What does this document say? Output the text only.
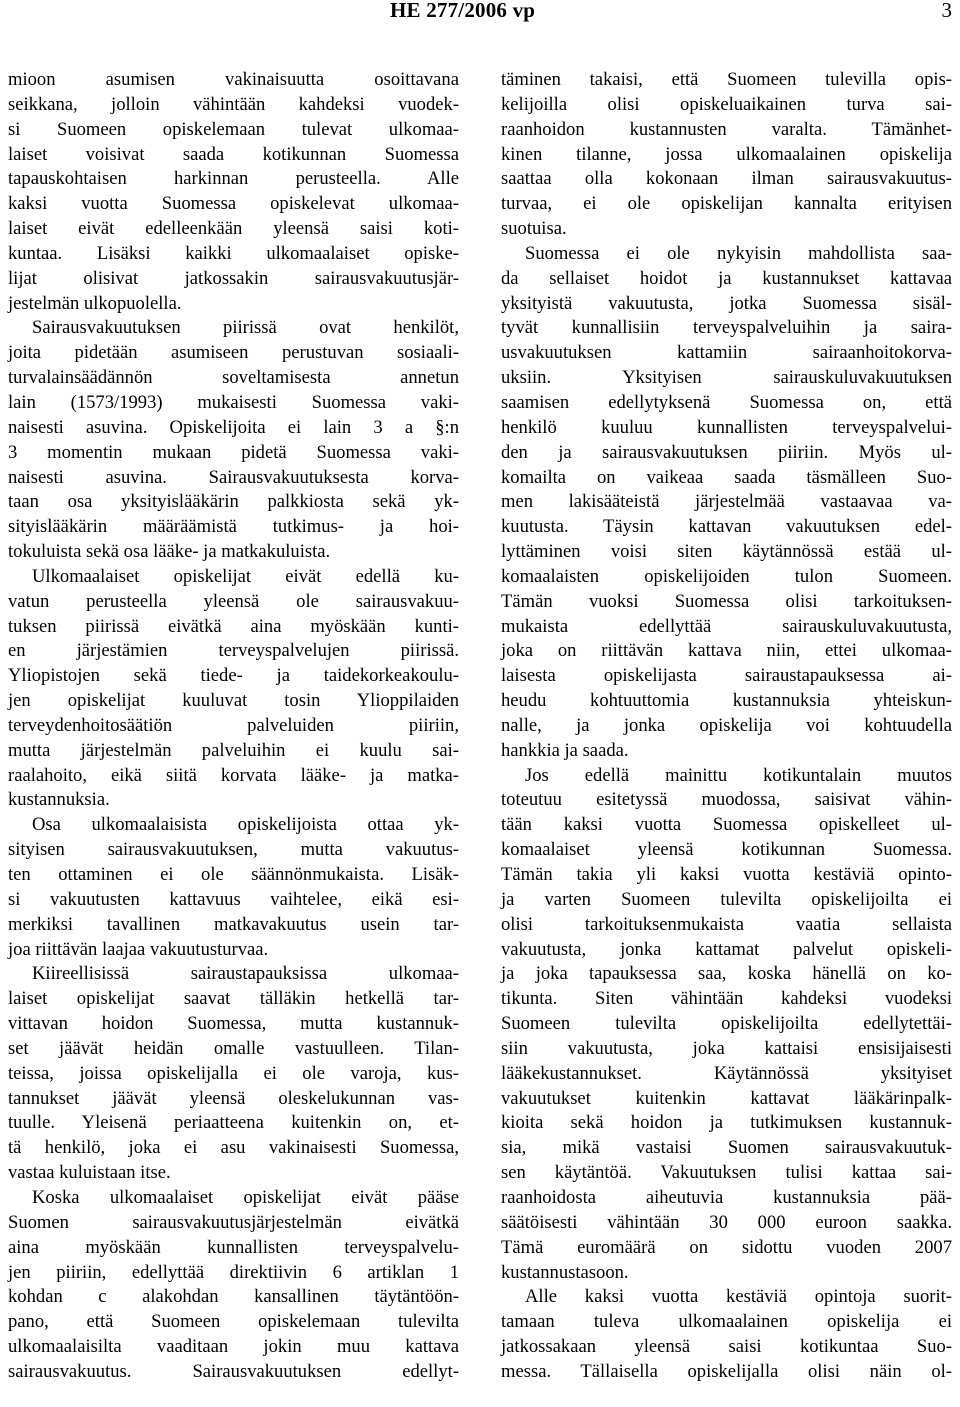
HE 277/2006 vp	3
mioon asumisen vakinaisuutta osoittavana
seikkana, jolloin vähintään kahdeksi vuodek-
si Suomeen opiskelemaan tulevat ulkomaa-
laiset voisivat saada kotikunnan Suomessa
tapauskohtaisen harkinnan perusteella. Alle
kaksi vuotta Suomessa opiskelevat ulkomaa-
laiset eivät edelleenkään yleensä saisi koti-
kuntaa. Lisäksi kaikki ulkomaalaiset opiske-
lijat olisivat jatkossakin sairausvakuutusjär-
jestelmän ulkopuolella.
Sairausvakuutuksen piirissä ovat henkilöt,
joita pidetään asumiseen perustuvan sosiaali-
turvalainsäädännön soveltamisesta annetun
lain (1573/1993) mukaisesti Suomessa vaki-
naisesti asuvina. Opiskelijoita ei lain 3 a §:n
3 momentin mukaan pidetä Suomessa vaki-
naisesti asuvina. Sairausvakuutuksesta korva-
taan osa yksityislääkärin palkkiosta sekä yk-
sityislääkärin määräämistä tutkimus- ja hoi-
tokuluista sekä osa lääke- ja matkakuluista.
Ulkomaalaiset opiskelijat eivät edellä ku-
vatun perusteella yleensä ole sairausvakuu-
tuksen piirissä eivätkä aina myöskään kunti-
en järjestämien terveyspalvelujen piirissä.
Yliopistojen sekä tiede- ja taidekorkeakoulu-
jen opiskelijat kuuluvat tosin Ylioppilaiden
terveydenhoitosäätiön palveluiden piiriin,
mutta järjestelmän palveluihin ei kuulu sai-
raalahoito, eikä siitä korvata lääke- ja matka-
kustannuksia.
Osa ulkomaalaisista opiskelijoista ottaa yk-
sityisen sairausvakuutuksen, mutta vakuutus-
ten ottaminen ei ole säännönmukaista. Lisäk-
si vakuutusten kattavuus vaihtelee, eikä esi-
merkiksi tavallinen matkavakuutus usein tar-
joa riittävän laajaa vakuutusturvaa.
Kiireellisissä sairaustapauksissa ulkomaa-
laiset opiskelijat saavat tälläkin hetkellä tar-
vittavan hoidon Suomessa, mutta kustannuk-
set jäävät heidän omalle vastuulleen. Tilan-
teissa, joissa opiskelijalla ei ole varoja, kus-
tannukset jäävät yleensä oleskelukunnan vas-
tuulle. Yleisenä periaatteena kuitenkin on, et-
tä henkilö, joka ei asu vakinaisesti Suomessa,
vastaa kuluistaan itse.
Koska ulkomaalaiset opiskelijat eivät pääse
Suomen sairausvakuutusjärjestelmän eivätkä
aina myöskään kunnallisten terveyspalvelu-
jen piiriin, edellyttää direktiivin 6 artiklan 1
kohdan c alakohdan kansallinen täytäntöön-
pano, että Suomeen opiskelemaan tulevilta
ulkomaalaisilta vaaditaan jokin muu kattava
sairausvakuutus. Sairausvakuutuksen edellyt-
täminen takaisi, että Suomeen tulevilla opis-
kelijoilla olisi opiskeluaikainen turva sai-
raanhoidon kustannusten varalta. Tämänhet-
kinen tilanne, jossa ulkomaalainen opiskelija
saattaa olla kokonaan ilman sairausvakuutus-
turvaa, ei ole opiskelijan kannalta erityisen
suotuisa.
Suomessa ei ole nykyisin mahdollista saa-
da sellaiset hoidot ja kustannukset kattavaa
yksityistä vakuutusta, jotka Suomessa sisäl-
tyvät kunnallisiin terveyspalveluihin ja saira-
usvakuutuksen kattamiin sairaanhoitokorva-
uksiin. Yksityisen sairauskuluvakuutuksen
saamisen edellytyksenä Suomessa on, että
henkilö kuuluu kunnallisten terveyspalvelui-
den ja sairausvakuutuksen piiriin. Myös ul-
komailta on vaikeaa saada täsmälleen Suo-
men lakisääteistä järjestelmää vastaavaa va-
kuutusta. Täysin kattavan vakuutuksen edel-
lyttäminen voisi siten käytännössä estää ul-
komaalaisten opiskelijoiden tulon Suomeen.
Tämän vuoksi Suomessa olisi tarkoituksen-
mukaista edellyttää sairauskuluvakuutusta,
joka on riittävän kattava niin, ettei ulkomaa-
laisesta opiskelijasta sairaustapauksessa ai-
heudu kohtuuttomia kustannuksia yhteiskun-
nalle, ja jonka opiskelija voi kohtuudella
hankkia ja saada.
Jos edellä mainittu kotikuntalain muutos
toteutuu esitetyssä muodossa, saisivat vähin-
tään kaksi vuotta Suomessa opiskelleet ul-
komaalaiset yleensä kotikunnan Suomessa.
Tämän takia yli kaksi vuotta kestäviä opinto-
ja varten Suomeen tulevilta opiskelijoilta ei
olisi tarkoituksenmukaista vaatia sellaista
vakuutusta, jonka kattamat palvelut opiskeli-
ja joka tapauksessa saa, koska hänellä on ko-
tikunta. Siten vähintään kahdeksi vuodeksi
Suomeen tulevilta opiskelijoilta edellytettäi-
siin vakuutusta, joka kattaisi ensisijaisesti
lääkekustannukset. Käytännössä yksityiset
vakuutukset kuitenkin kattavat lääkärinpalk-
kioita sekä hoidon ja tutkimuksen kustannuk-
sia, mikä vastaisi Suomen sairausvakuutuk-
sen käytäntöä. Vakuutuksen tulisi kattaa sai-
raanhoidosta aiheutuvia kustannuksia pää-
säätöisesti vähintään 30 000 euroon saakka.
Tämä euromäärä on sidottu vuoden 2007
kustannustasoon.
Alle kaksi vuotta kestäviä opintoja suorit-
tamaan tuleva ulkomaalainen opiskelija ei
jatkossakaan yleensä saisi kotikuntaa Suo-
messa. Tällaisella opiskelijalla olisi näin ol-
